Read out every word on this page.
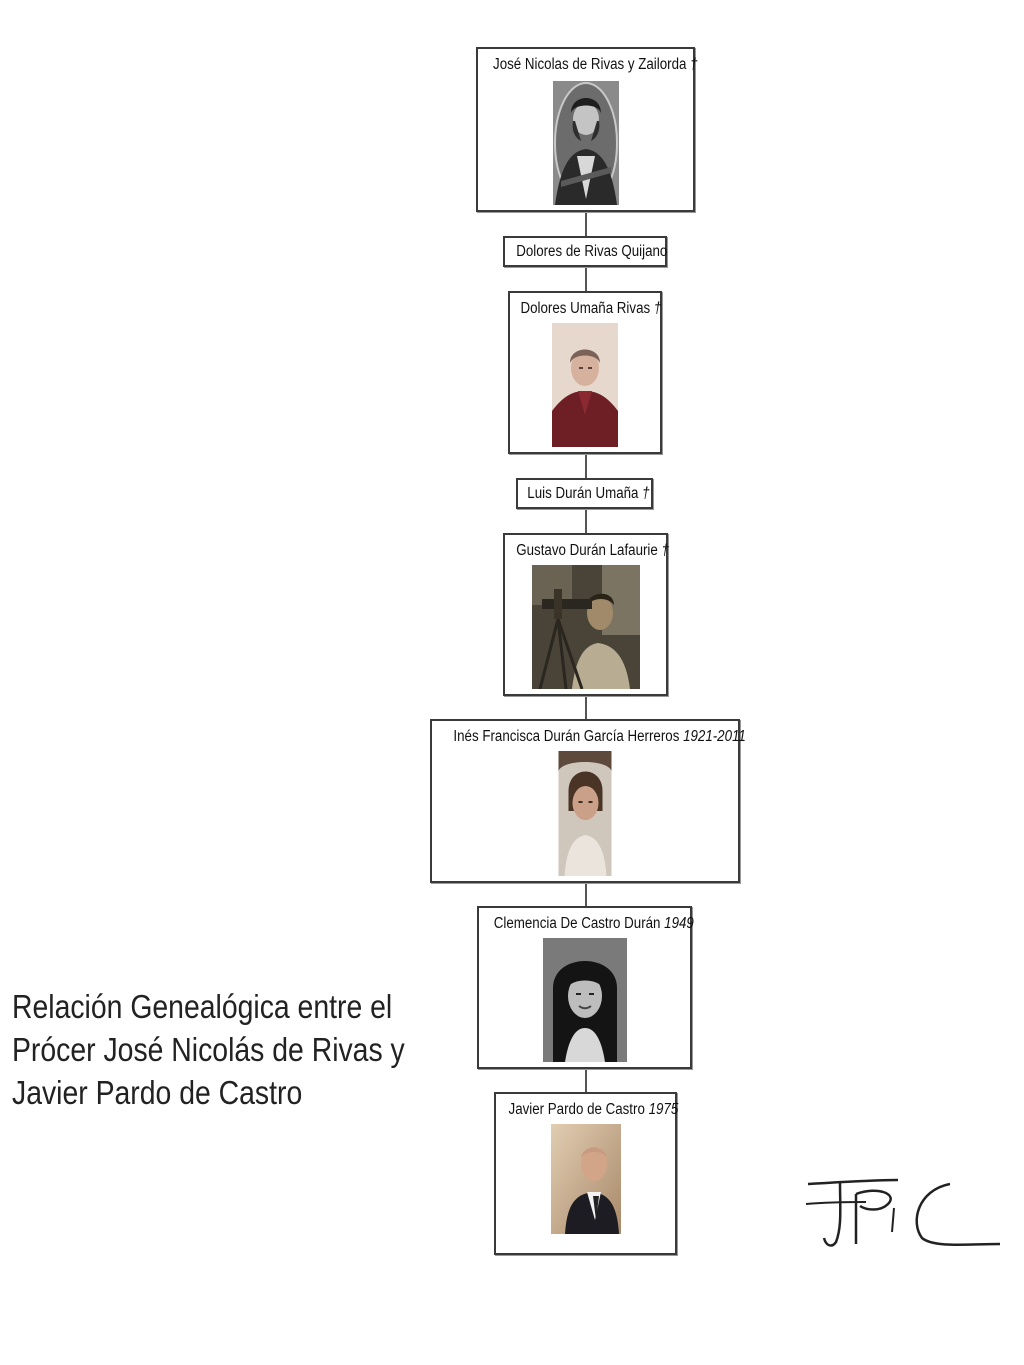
José Nicolas de Rivas y Zailorda †
Dolores de Rivas Quijano
Dolores Umaña Rivas †
Luis Durán Umaña †
Gustavo Durán Lafaurie †
Inés Francisca Durán García Herreros 1921-2011
Clemencia De Castro Durán 1949
Javier Pardo de Castro 1975
Relación Genealógica entre el Prócer José Nicolás de Rivas y Javier Pardo de Castro
